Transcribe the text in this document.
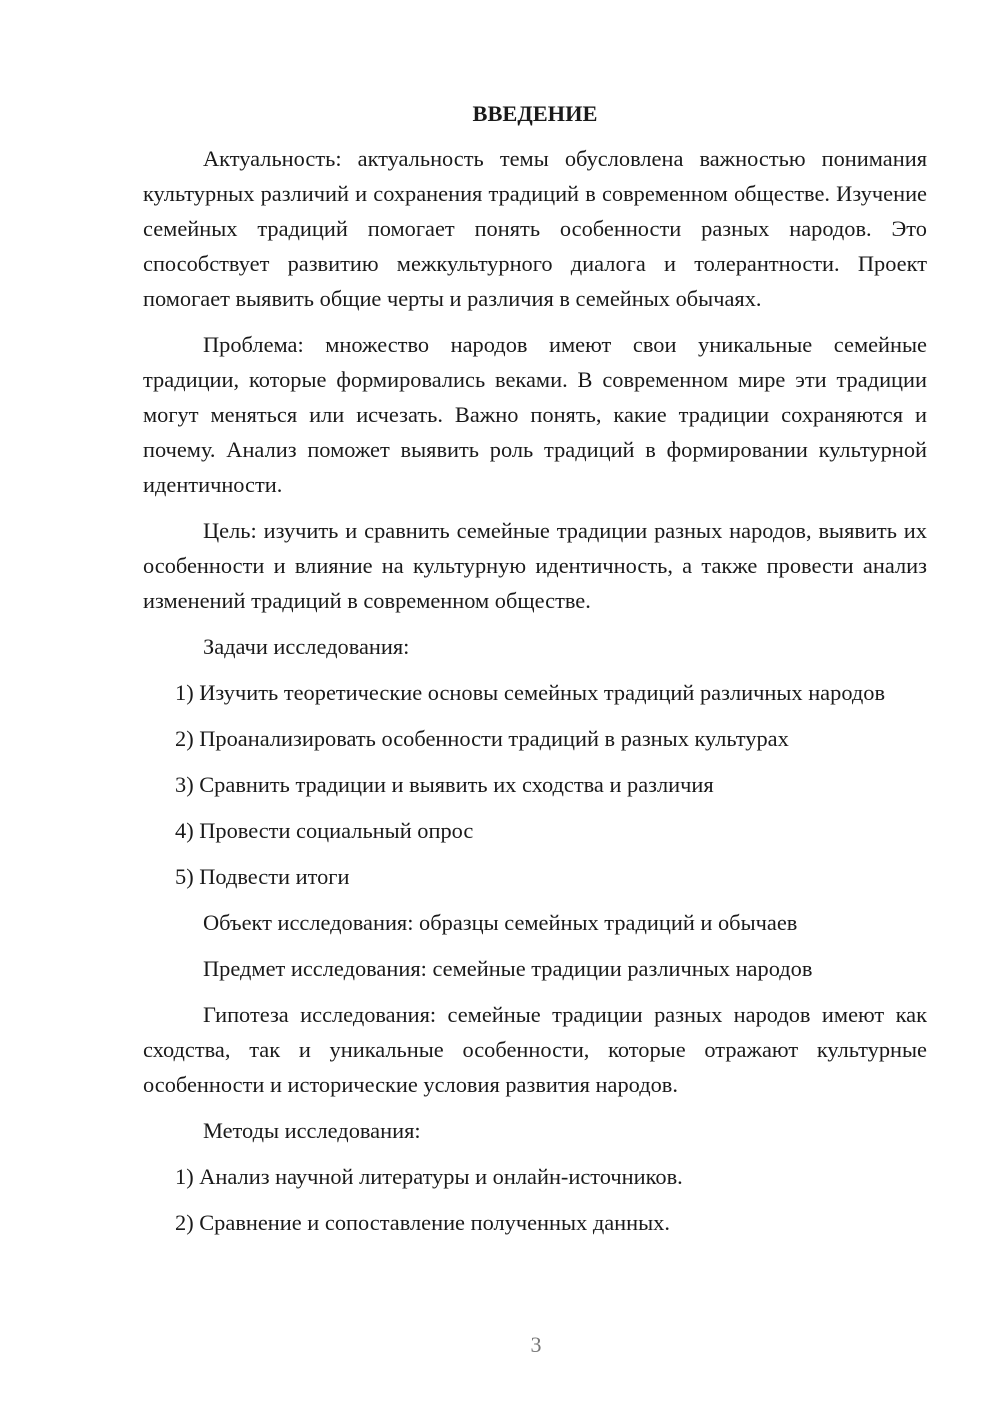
ВВЕДЕНИЕ

Актуальность: актуальность темы обусловлена важностью понимания культурных различий и сохранения традиций в современном обществе. Изучение семейных традиций помогает понять особенности разных народов. Это способствует развитию межкультурного диалога и толерантности. Проект помогает выявить общие черты и различия в семейных обычаях.

Проблема: множество народов имеют свои уникальные семейные традиции, которые формировались веками. В современном мире эти традиции могут меняться или исчезать. Важно понять, какие традиции сохраняются и почему. Анализ поможет выявить роль традиций в формировании культурной идентичности.

Цель: изучить и сравнить семейные традиции разных народов, выявить их особенности и влияние на культурную идентичность, а также провести анализ изменений традиций в современном обществе.

Задачи исследования:

1) Изучить теоретические основы семейных традиций различных народов

2) Проанализировать особенности традиций в разных культурах
3) Сравнить традиции и выявить их сходства и различия
4) Провести социальный опрос
5) Подвести итоги
Объект исследования: образцы семейных традиций и обычаев
Предмет исследования: семейные традиции различных народов

Гипотеза исследования: семейные традиции разных народов имеют как сходства, так и уникальные особенности, которые отражают культурные особенности и исторические условия развития народов.

Методы исследования:
1) Анализ научной литературы и онлайн-источников.
2) Сравнение и сопоставление полученных данных.
3
